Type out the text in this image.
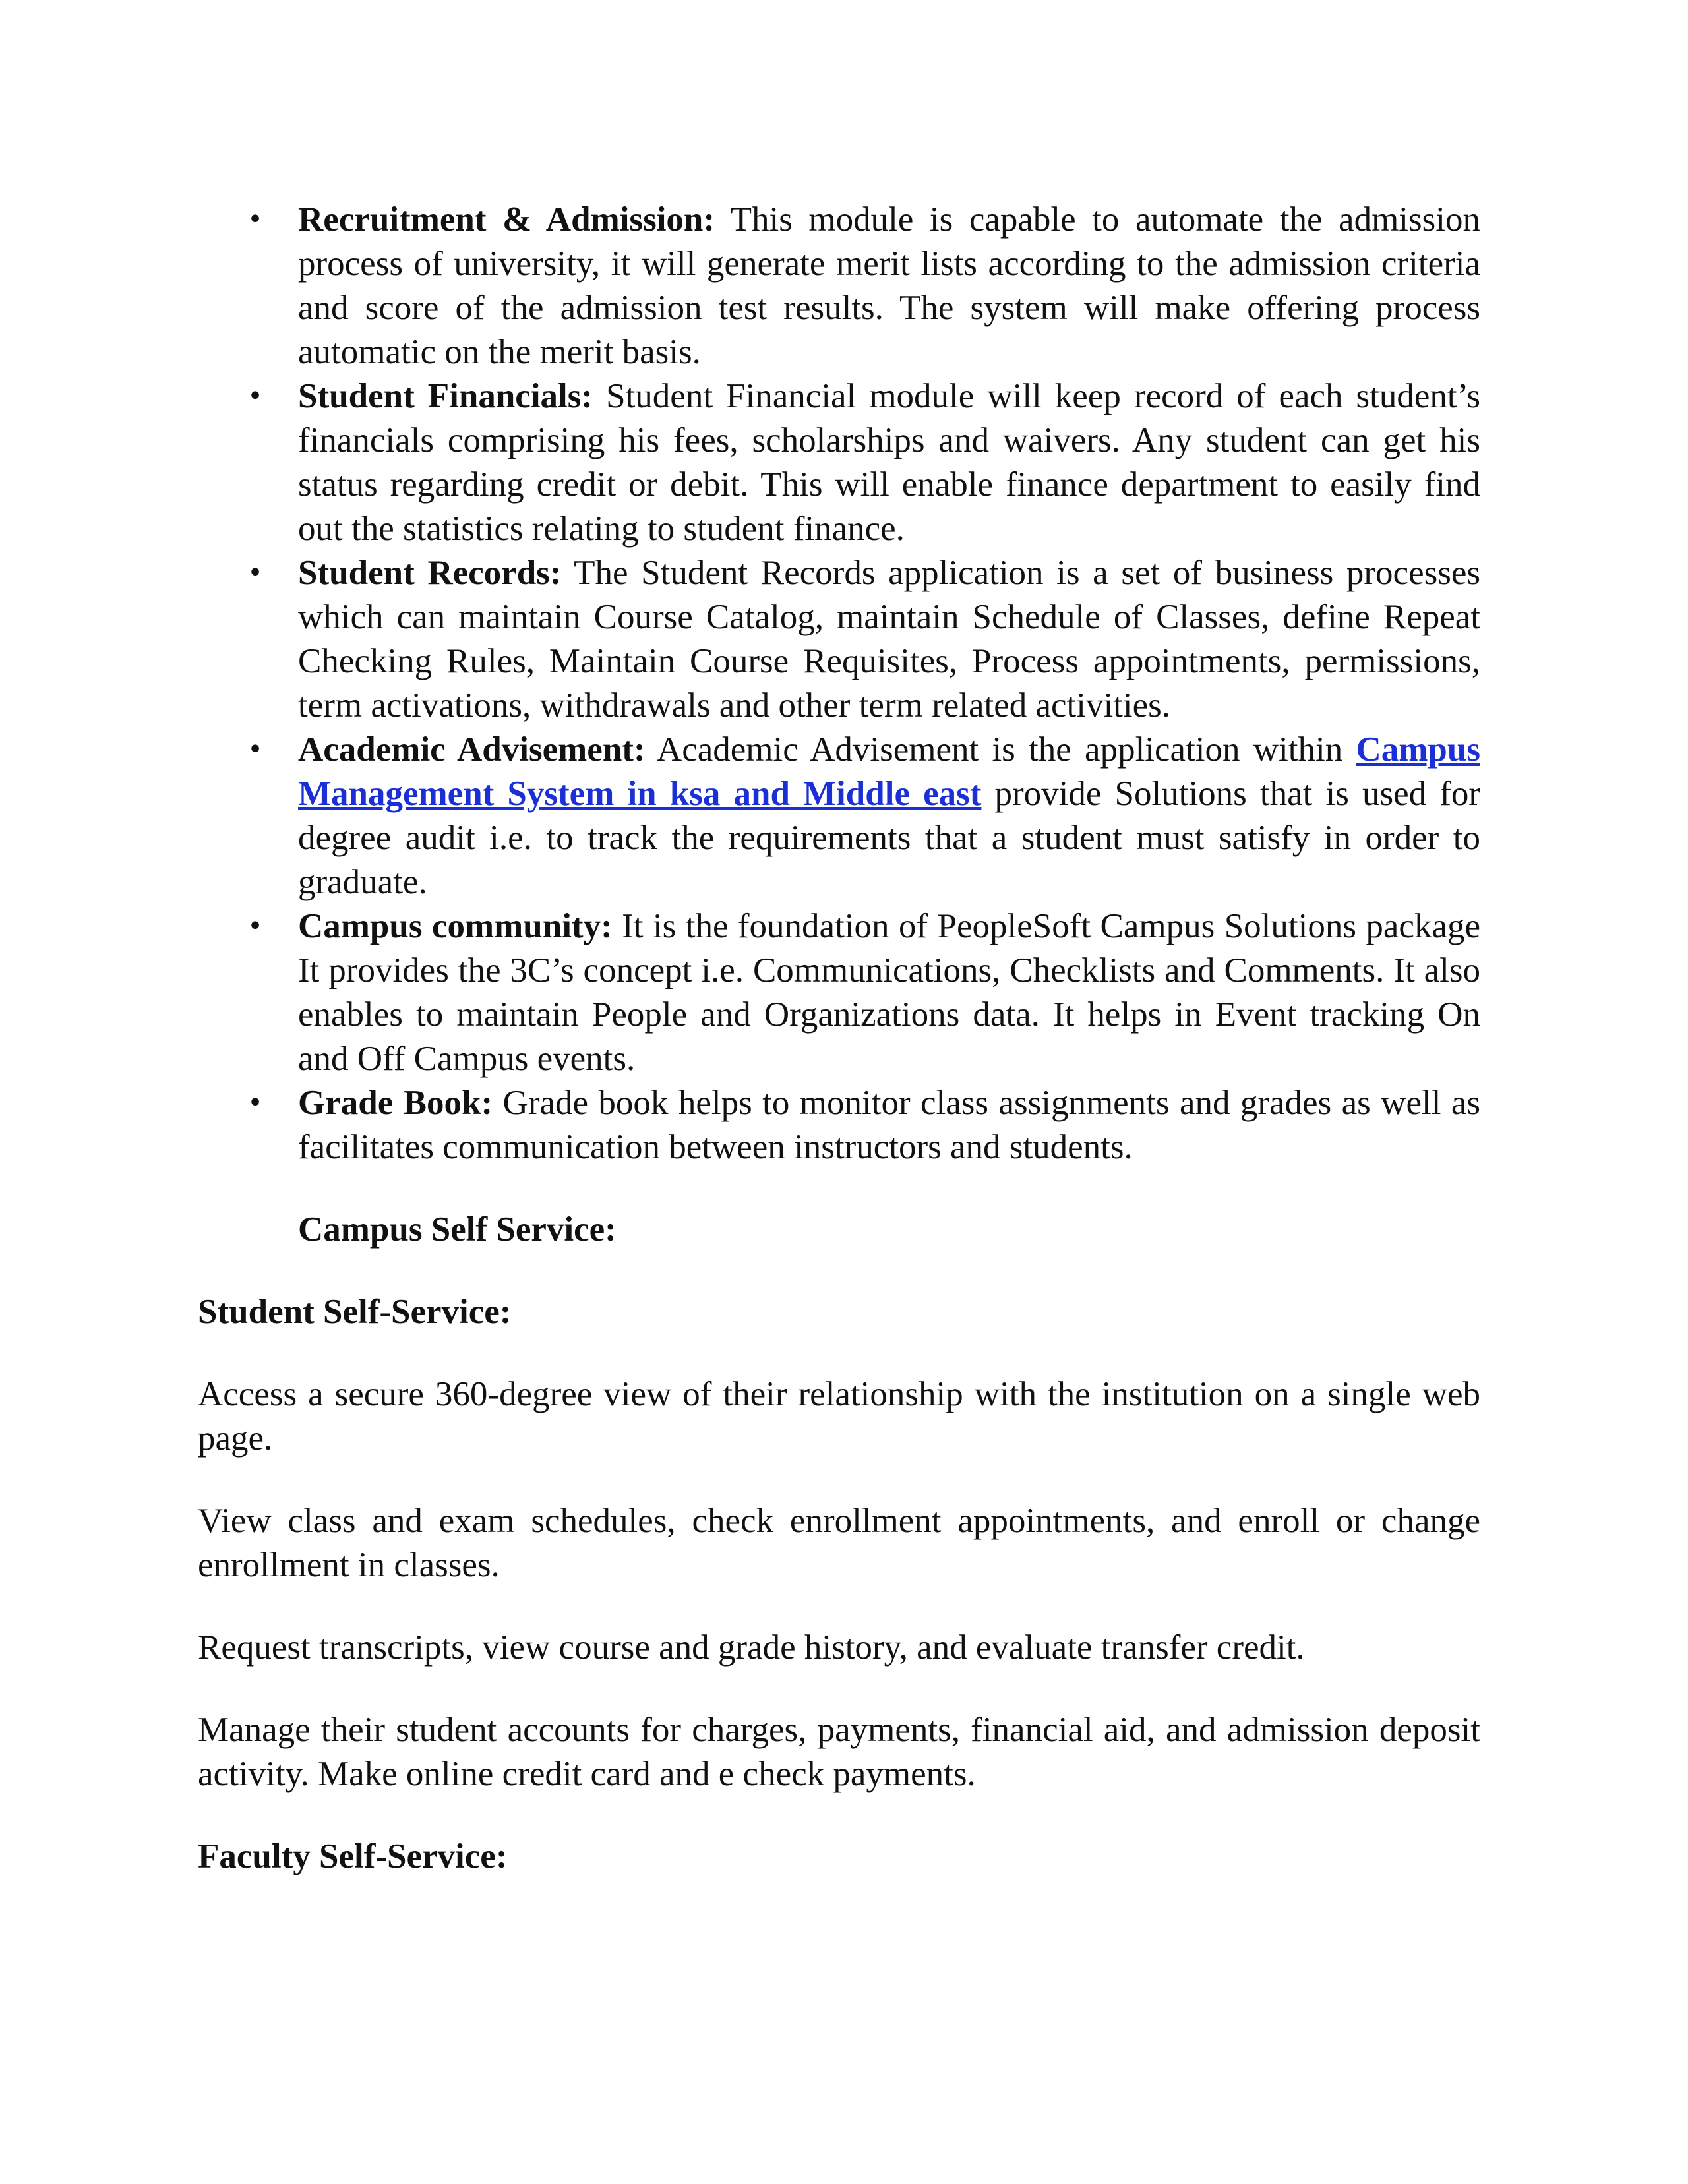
• Recruitment & Admission: This module is capable to automate the admission process of university, it will generate merit lists according to the admission criteria and score of the admission test results. The system will make offering process automatic on the merit basis.
• Student Financials: Student Financial module will keep record of each student’s financials comprising his fees, scholarships and waivers. Any student can get his status regarding credit or debit. This will enable finance department to easily find out the statistics relating to student finance.
• Student Records: The Student Records application is a set of business processes which can maintain Course Catalog, maintain Schedule of Classes, define Repeat Checking Rules, Maintain Course Requisites, Process appointments, permissions, term activations, withdrawals and other term related activities.
• Academic Advisement: Academic Advisement is the application within Campus Management System in ksa and Middle east provide Solutions that is used for degree audit i.e. to track the requirements that a student must satisfy in order to graduate.
• Campus community: It is the foundation of PeopleSoft Campus Solutions package It provides the 3C’s concept i.e. Communications, Checklists and Comments. It also enables to maintain People and Organizations data. It helps in Event tracking On and Off Campus events.
• Grade Book: Grade book helps to monitor class assignments and grades as well as facilitates communication between instructors and students.
Campus Self Service:
Student Self-Service:

Access a secure 360-degree view of their relationship with the institution on a single web page.

View class and exam schedules, check enrollment appointments, and enroll or change enrollment in classes.

Request transcripts, view course and grade history, and evaluate transfer credit.

Manage their student accounts for charges, payments, financial aid, and admission deposit activity. Make online credit card and e check payments.

Faculty Self-Service:
